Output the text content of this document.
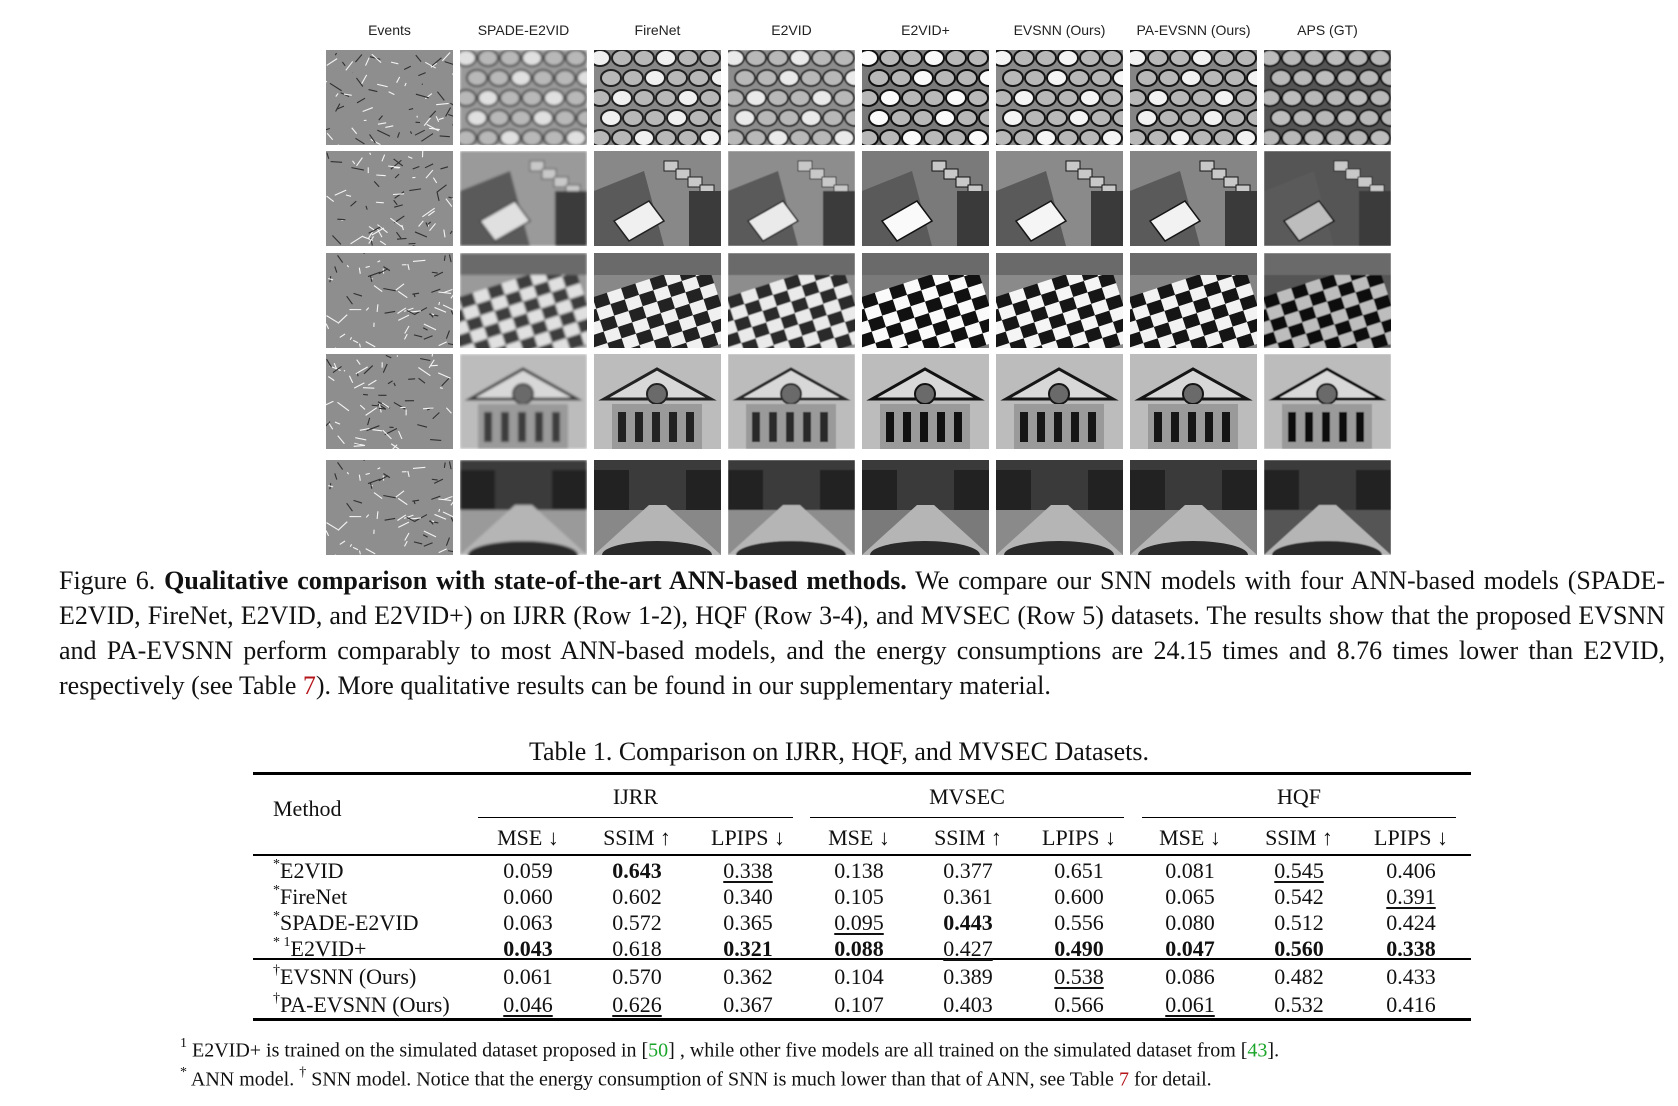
Events	SPADE-E2VID	FireNet	E2VID	E2VID+	EVSNN (Ours)	PA-EVSNN (Ours)	APS (GT)
Figure 6. Qualitative comparison with state-of-the-art ANN-based methods. We compare our SNN models with four ANN-based models (SPADE-E2VID, FireNet, E2VID, and E2VID+) on IJRR (Row 1-2), HQF (Row 3-4), and MVSEC (Row 5) datasets. The results show that the proposed EVSNN and PA-EVSNN perform comparably to most ANN-based models, and the energy consumptions are 24.15 times and 8.76 times lower than E2VID, respectively (see Table 7). More qualitative results can be found in our supplementary material.
Table 1. Comparison on IJRR, HQF, and MVSEC Datasets.
Method	IJRR	MVSEC	HQF
MSE ↓	SSIM ↑	LPIPS ↓	MSE ↓	SSIM ↑	LPIPS ↓	MSE ↓	SSIM ↑	LPIPS ↓
*E2VID	0.059	0.643	0.338	0.138	0.377	0.651	0.081	0.545	0.406
*FireNet	0.060	0.602	0.340	0.105	0.361	0.600	0.065	0.542	0.391
*SPADE-E2VID	0.063	0.572	0.365	0.095	0.443	0.556	0.080	0.512	0.424
* $^1$E2VID+	0.043	0.618	0.321	0.088	0.427	0.490	0.047	0.560	0.338
†EVSNN (Ours)	0.061	0.570	0.362	0.104	0.389	0.538	0.086	0.482	0.433
†PA-EVSNN (Ours)	0.046	0.626	0.367	0.107	0.403	0.566	0.061	0.532	0.416
$^1$ E2VID+ is trained on the simulated dataset proposed in [50] , while other five models are all trained on the simulated dataset from [43].
* ANN model. † SNN model. Notice that the energy consumption of SNN is much lower than that of ANN, see Table 7 for detail.
